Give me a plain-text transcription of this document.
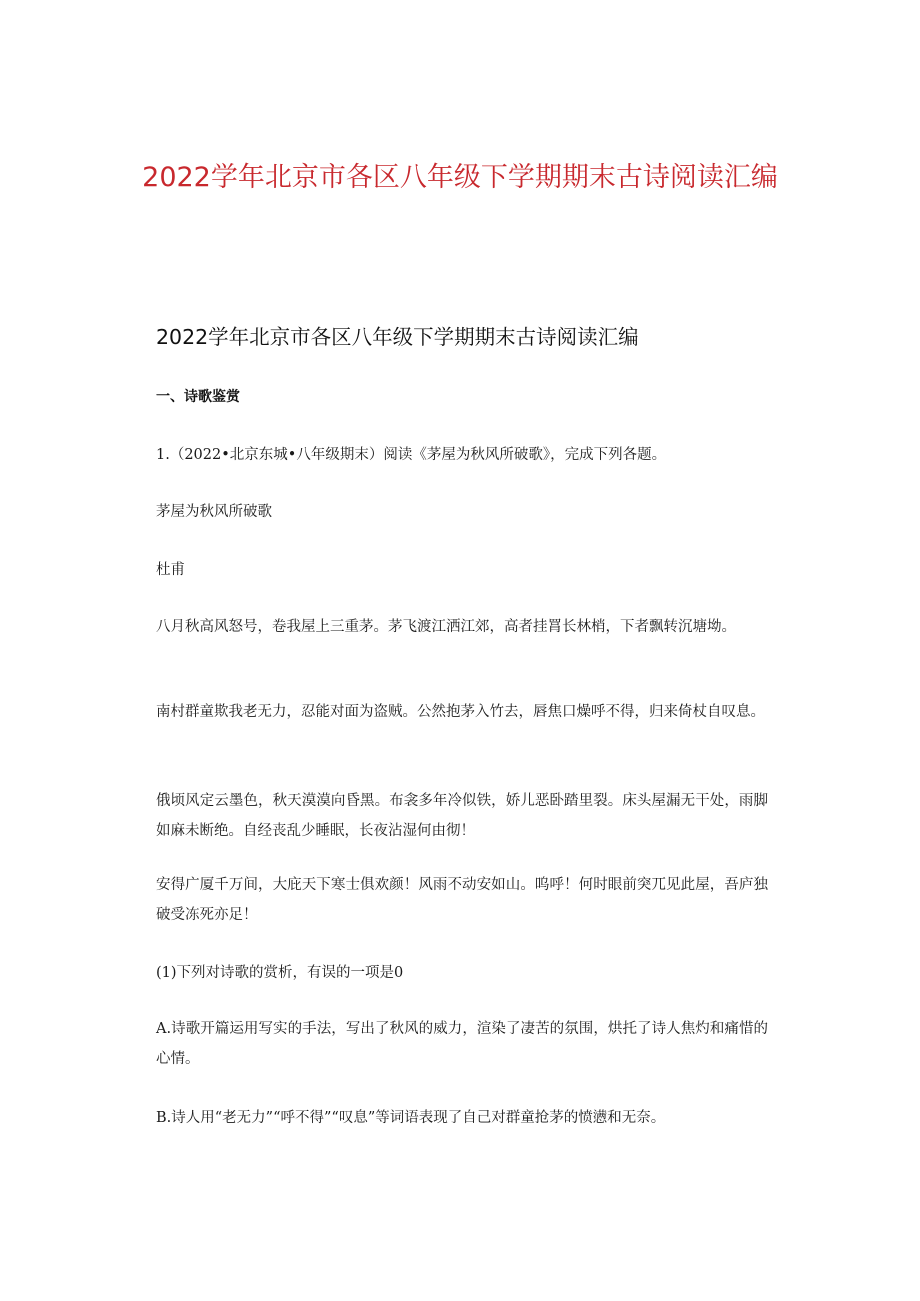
2022学年北京市各区八年级下学期期末古诗阅读汇编
2022学年北京市各区八年级下学期期末古诗阅读汇编
一、诗歌鉴赏
1.（2022•北京东城•八年级期末）阅读《茅屋为秋风所破歌》，完成下列各题。
茅屋为秋风所破歌
杜甫
八月秋高风怒号，卷我屋上三重茅。茅飞渡江洒江郊，高者挂罥长林梢，下者飘转沉塘坳。
南村群童欺我老无力，忍能对面为盗贼。公然抱茅入竹去，唇焦口燥呼不得，归来倚杖自叹息。
俄顷风定云墨色，秋天漠漠向昏黑。布衾多年冷似铁，娇儿恶卧踏里裂。床头屋漏无干处，雨脚如麻未断绝。自经丧乱少睡眠，长夜沾湿何由彻！
安得广厦千万间，大庇天下寒士俱欢颜！风雨不动安如山。呜呼！何时眼前突兀见此屋，吾庐独破受冻死亦足！
(1)下列对诗歌的赏析，有误的一项是0
A.诗歌开篇运用写实的手法，写出了秋风的威力，渲染了凄苦的氛围，烘托了诗人焦灼和痛惜的心情。
B.诗人用“老无力”“呼不得”“叹息”等词语表现了自己对群童抢茅的愤懑和无奈。
